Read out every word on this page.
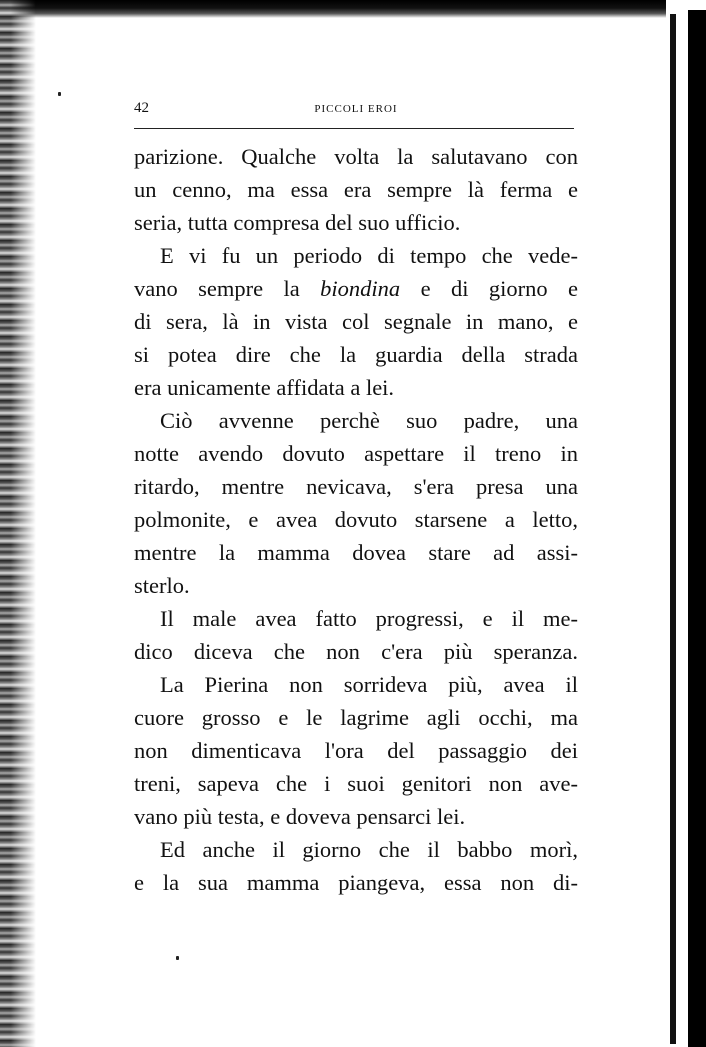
42	PICCOLI EROI
parizione. Qualche volta la salutavano con
un cenno, ma essa era sempre là ferma e
seria, tutta compresa del suo ufficio.
E vi fu un periodo di tempo che vede-
vano sempre la biondina e di giorno e
di sera, là in vista col segnale in mano, e
si potea dire che la guardia della strada
era unicamente affidata a lei.
Ciò avvenne perchè suo padre, una
notte avendo dovuto aspettare il treno in
ritardo, mentre nevicava, s'era presa una
polmonite, e avea dovuto starsene a letto,
mentre la mamma dovea stare ad assi-
sterlo.
Il male avea fatto progressi, e il me-
dico diceva che non c'era più speranza.
La Pierina non sorrideva più, avea il
cuore grosso e le lagrime agli occhi, ma
non dimenticava l'ora del passaggio dei
treni, sapeva che i suoi genitori non ave-
vano più testa, e doveva pensarci lei.
Ed anche il giorno che il babbo morì,
e la sua mamma piangeva, essa non di-
